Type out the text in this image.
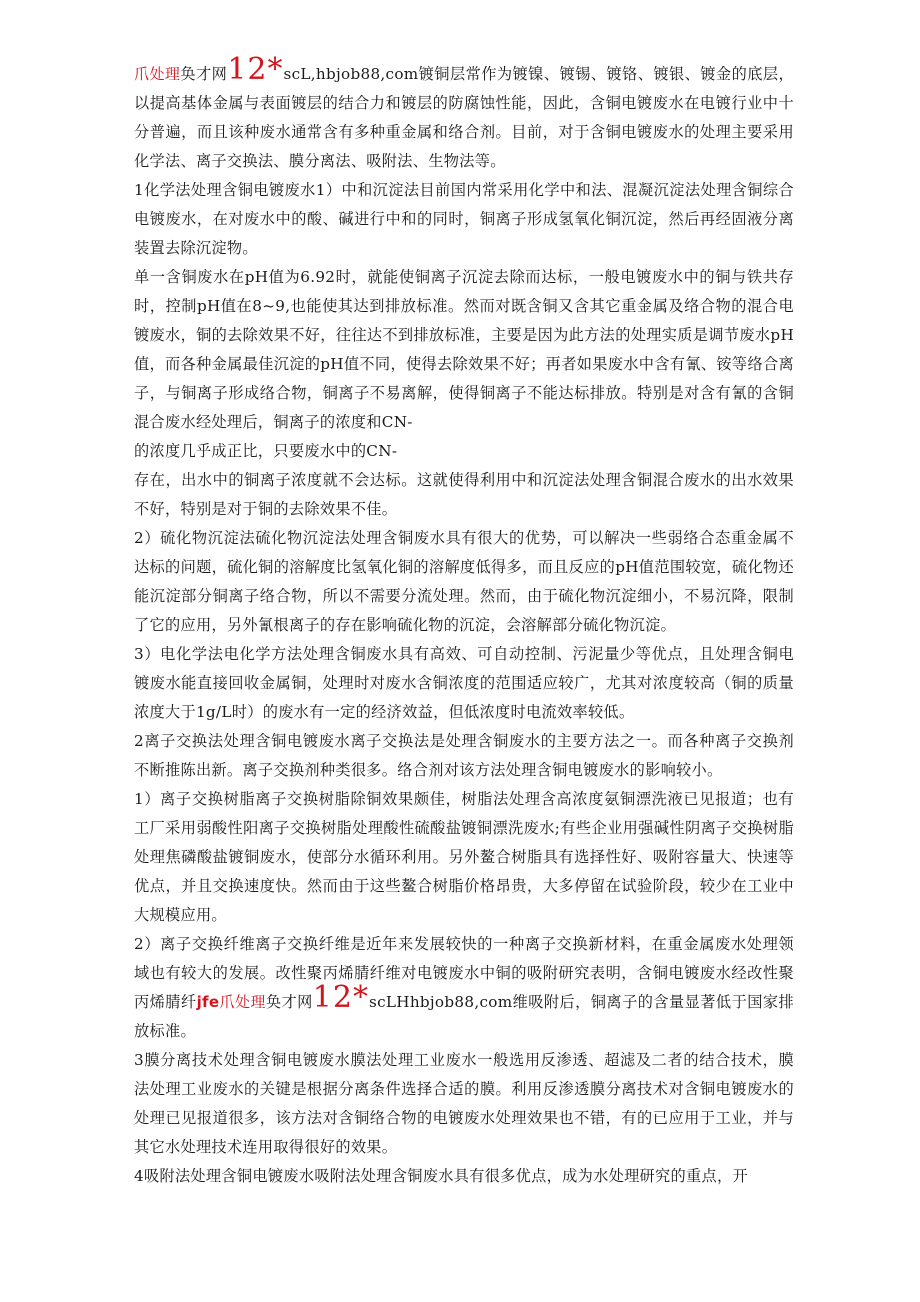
爪处理奂才网12*scL,hbjob88,com镀铜层常作为镀镍、镀锡、镀铬、镀银、镀金的底层，以提高基体金属与表面镀层的结合力和镀层的防腐蚀性能，因此，含铜电镀废水在电镀行业中十分普遍，而且该种废水通常含有多种重金属和络合剂。目前，对于含铜电镀废水的处理主要采用化学法、离子交换法、膜分离法、吸附法、生物法等。

1化学法处理含铜电镀废水1）中和沉淀法目前国内常采用化学中和法、混凝沉淀法处理含铜综合电镀废水，在对废水中的酸、碱进行中和的同时，铜离子形成氢氧化铜沉淀，然后再经固液分离装置去除沉淀物。

单一含铜废水在pH值为6.92时，就能使铜离子沉淀去除而达标，一般电镀废水中的铜与铁共存时，控制pH值在8~9,也能使其达到排放标准。然而对既含铜又含其它重金属及络合物的混合电镀废水，铜的去除效果不好，往往达不到排放标准，主要是因为此方法的处理实质是调节废水pH值，而各种金属最佳沉淀的pH值不同，使得去除效果不好；再者如果废水中含有氰、铵等络合离子，与铜离子形成络合物，铜离子不易离解，使得铜离子不能达标排放。特别是对含有氰的含铜混合废水经处理后，铜离子的浓度和CN-

的浓度几乎成正比，只要废水中的CN-

存在，出水中的铜离子浓度就不会达标。这就使得利用中和沉淀法处理含铜混合废水的出水效果不好，特别是对于铜的去除效果不佳。

2）硫化物沉淀法硫化物沉淀法处理含铜废水具有很大的优势，可以解决一些弱络合态重金属不达标的问题，硫化铜的溶解度比氢氧化铜的溶解度低得多，而且反应的pH值范围较宽，硫化物还能沉淀部分铜离子络合物，所以不需要分流处理。然而，由于硫化物沉淀细小，不易沉降，限制了它的应用，另外氰根离子的存在影响硫化物的沉淀，会溶解部分硫化物沉淀。

3）电化学法电化学方法处理含铜废水具有高效、可自动控制、污泥量少等优点，且处理含铜电镀废水能直接回收金属铜，处理时对废水含铜浓度的范围适应较广，尤其对浓度较高（铜的质量浓度大于1g/L时）的废水有一定的经济效益，但低浓度时电流效率较低。

2离子交换法处理含铜电镀废水离子交换法是处理含铜废水的主要方法之一。而各种离子交换剂不断推陈出新。离子交换剂种类很多。络合剂对该方法处理含铜电镀废水的影响较小。

1）离子交换树脂离子交换树脂除铜效果颇佳，树脂法处理含高浓度氨铜漂洗液已见报道；也有工厂采用弱酸性阳离子交换树脂处理酸性硫酸盐镀铜漂洗废水;有些企业用强碱性阴离子交换树脂处理焦磷酸盐镀铜废水，使部分水循环利用。另外鳌合树脂具有选择性好、吸附容量大、快速等优点，并且交换速度快。然而由于这些鳌合树脂价格昂贵，大多停留在试验阶段，较少在工业中大规模应用。

2）离子交换纤维离子交换纤维是近年来发展较快的一种离子交换新材料，在重金属废水处理领域也有较大的发展。改性聚丙烯腈纤维对电镀废水中铜的吸附研究表明，含铜电镀废水经改性聚丙烯腈纤jfe爪处理奂才网12*scLHhbjob88,com维吸附后，铜离子的含量显著低于国家排放标准。

3膜分离技术处理含铜电镀废水膜法处理工业废水一般选用反渗透、超滤及二者的结合技术，膜法处理工业废水的关键是根据分离条件选择合适的膜。利用反渗透膜分离技术对含铜电镀废水的处理已见报道很多，该方法对含铜络合物的电镀废水处理效果也不错，有的已应用于工业，并与其它水处理技术连用取得很好的效果。

4吸附法处理含铜电镀废水吸附法处理含铜废水具有很多优点，成为水处理研究的重点，开
